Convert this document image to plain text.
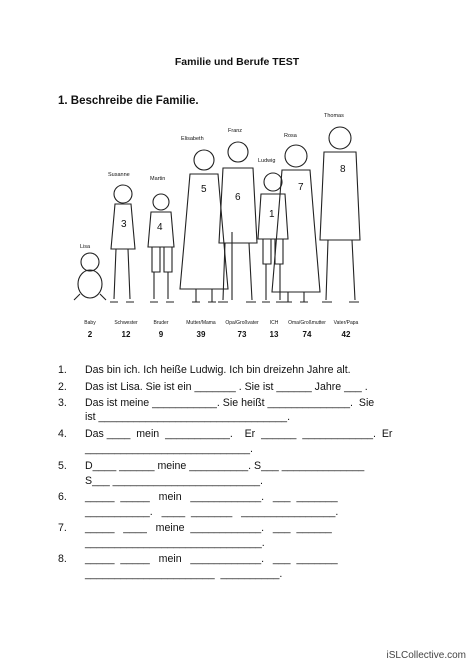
Familie und Berufe TEST
1. Beschreibe die Familie.
Lisa
Susanne
Martin
Elisabeth
Franz
Ludwig
Rosa
Thomas
3	4
5
6
1
7
8
Baby	Schwester	Bruder	Mutter/Mama	Opa/Großvater	ICH	Oma/Großmutter	Vater/Papa
2	12	9	39	73	13	74	42
1. Das bin ich. Ich heiße Ludwig. Ich bin dreizehn Jahre alt.
2. Das ist Lisa. Sie ist ein _______ . Sie ist ______ Jahre ___ .
3. Das ist meine ___________. Sie heißt ______________.  Sie
ist ________________________________.
4. Das ____  mein  ___________.    Er  ______  ____________.  Er
____________________________.
5. D____ ______ meine __________. S___ ______________
S___ _________________________.
6. _____  _____   mein   ____________.   ___  _______
___________.   ____  _______   ________________.
7. _____   ____   meine  ____________.   ___  ______
______________________________.
8. _____  _____   mein   ____________.   ___  _______
______________________  __________.
iSLCollective.com
